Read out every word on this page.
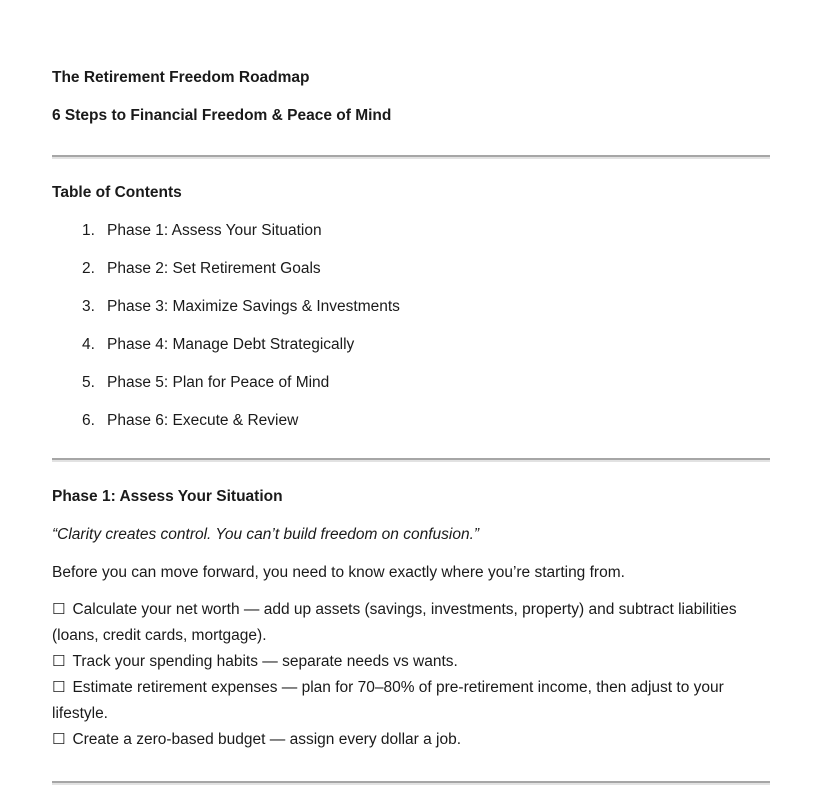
The Retirement Freedom Roadmap

6 Steps to Financial Freedom & Peace of Mind

Table of Contents

1. Phase 1: Assess Your Situation
2. Phase 2: Set Retirement Goals
3. Phase 3: Maximize Savings & Investments
4. Phase 4: Manage Debt Strategically
5. Phase 5: Plan for Peace of Mind
6. Phase 6: Execute & Review

Phase 1: Assess Your Situation

“Clarity creates control. You can’t build freedom on confusion.”

Before you can move forward, you need to know exactly where you’re starting from.

☐ Calculate your net worth — add up assets (savings, investments, property) and subtract liabilities (loans, credit cards, mortgage).
☐ Track your spending habits — separate needs vs wants.
☐ Estimate retirement expenses — plan for 70–80% of pre-retirement income, then adjust to your lifestyle.
☐ Create a zero-based budget — assign every dollar a job.
